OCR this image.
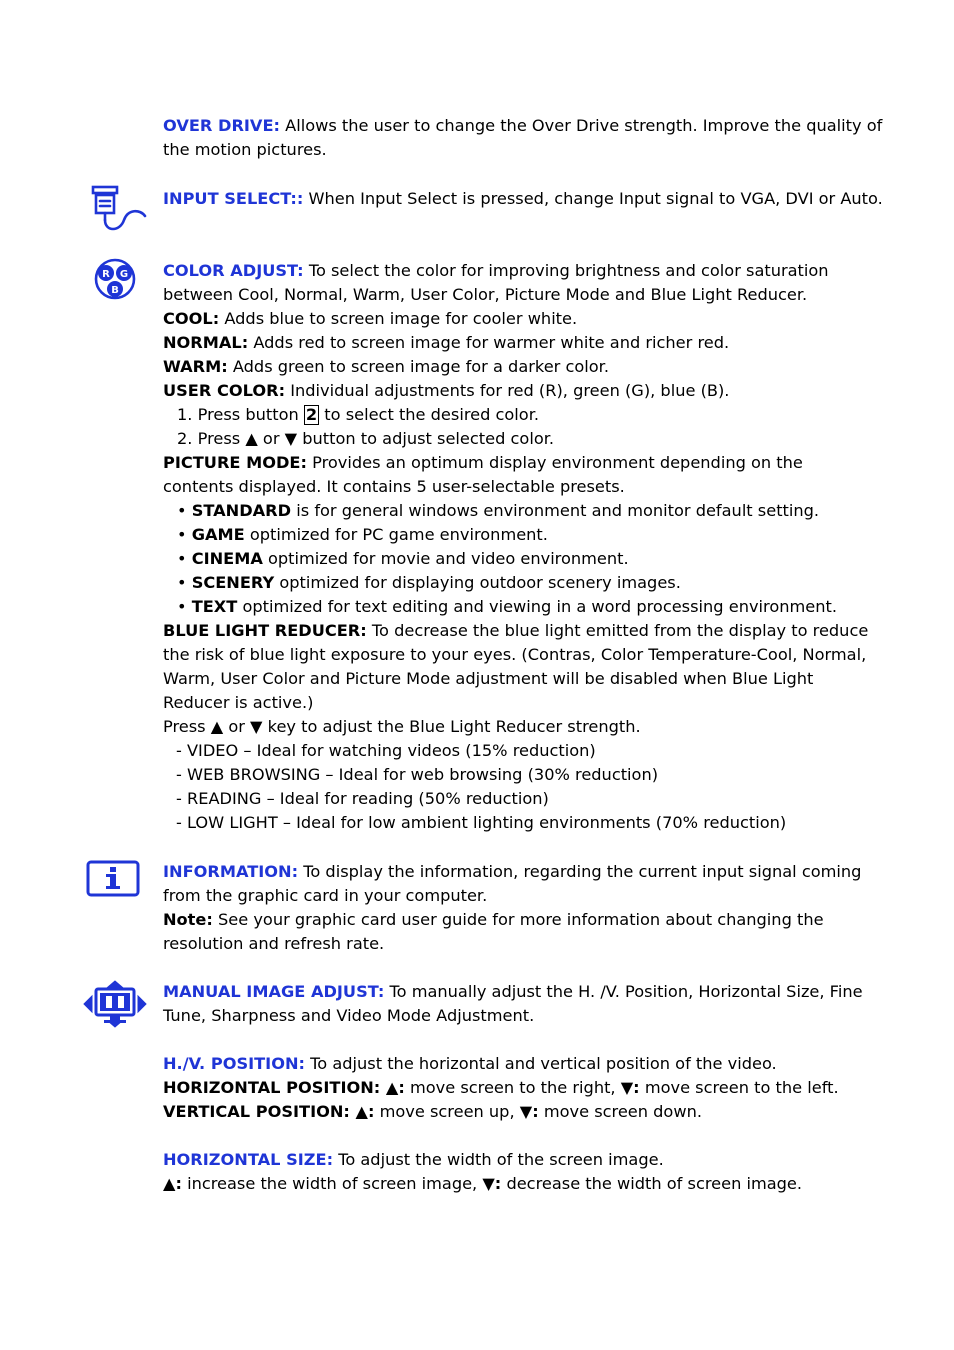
OVER DRIVE: Allows the user to change the Over Drive strength. Improve the quality of

the motion pictures.

INPUT SELECT:: When Input Select is pressed, change Input signal to VGA, DVI or Auto.

R G
B

COLOR ADJUST: To select the color for improving brightness and color saturation

between Cool, Normal, Warm, User Color, Picture Mode and Blue Light Reducer.

COOL: Adds blue to screen image for cooler white.

NORMAL: Adds red to screen image for warmer white and richer red.

WARM: Adds green to screen image for a darker color.

USER COLOR: Individual adjustments for red (R), green (G), blue (B).

1. Press button 2 to select the desired color.

2. Press ▲ or ▼ button to adjust selected color.

PICTURE MODE: Provides an optimum display environment depending on the

contents displayed. It contains 5 user-selectable presets.

• STANDARD is for general windows environment and monitor default setting.

• GAME optimized for PC game environment.

• CINEMA optimized for movie and video environment.

• SCENERY optimized for displaying outdoor scenery images.

• TEXT optimized for text editing and viewing in a word processing environment.

BLUE LIGHT REDUCER: To decrease the blue light emitted from the display to reduce

the risk of blue light exposure to your eyes. (Contras, Color Temperature-Cool, Normal,

Warm, User Color and Picture Mode adjustment will be disabled when Blue Light

Reducer is active.)

Press ▲ or ▼ key to adjust the Blue Light Reducer strength.

- VIDEO – Ideal for watching videos (15% reduction)

- WEB BROWSING – Ideal for web browsing (30% reduction)

- READING – Ideal for reading (50% reduction)

- LOW LIGHT – Ideal for low ambient lighting environments (70% reduction)

INFORMATION: To display the information, regarding the current input signal coming

from the graphic card in your computer.

Note: See your graphic card user guide for more information about changing the

resolution and refresh rate.

MANUAL IMAGE ADJUST: To manually adjust the H. /V. Position, Horizontal Size, Fine

Tune, Sharpness and Video Mode Adjustment.

H./V. POSITION: To adjust the horizontal and vertical position of the video.

HORIZONTAL POSITION: ▲: move screen to the right, ▼: move screen to the left.

VERTICAL POSITION: ▲: move screen up, ▼: move screen down.

HORIZONTAL SIZE: To adjust the width of the screen image.

▲: increase the width of screen image, ▼: decrease the width of screen image.
